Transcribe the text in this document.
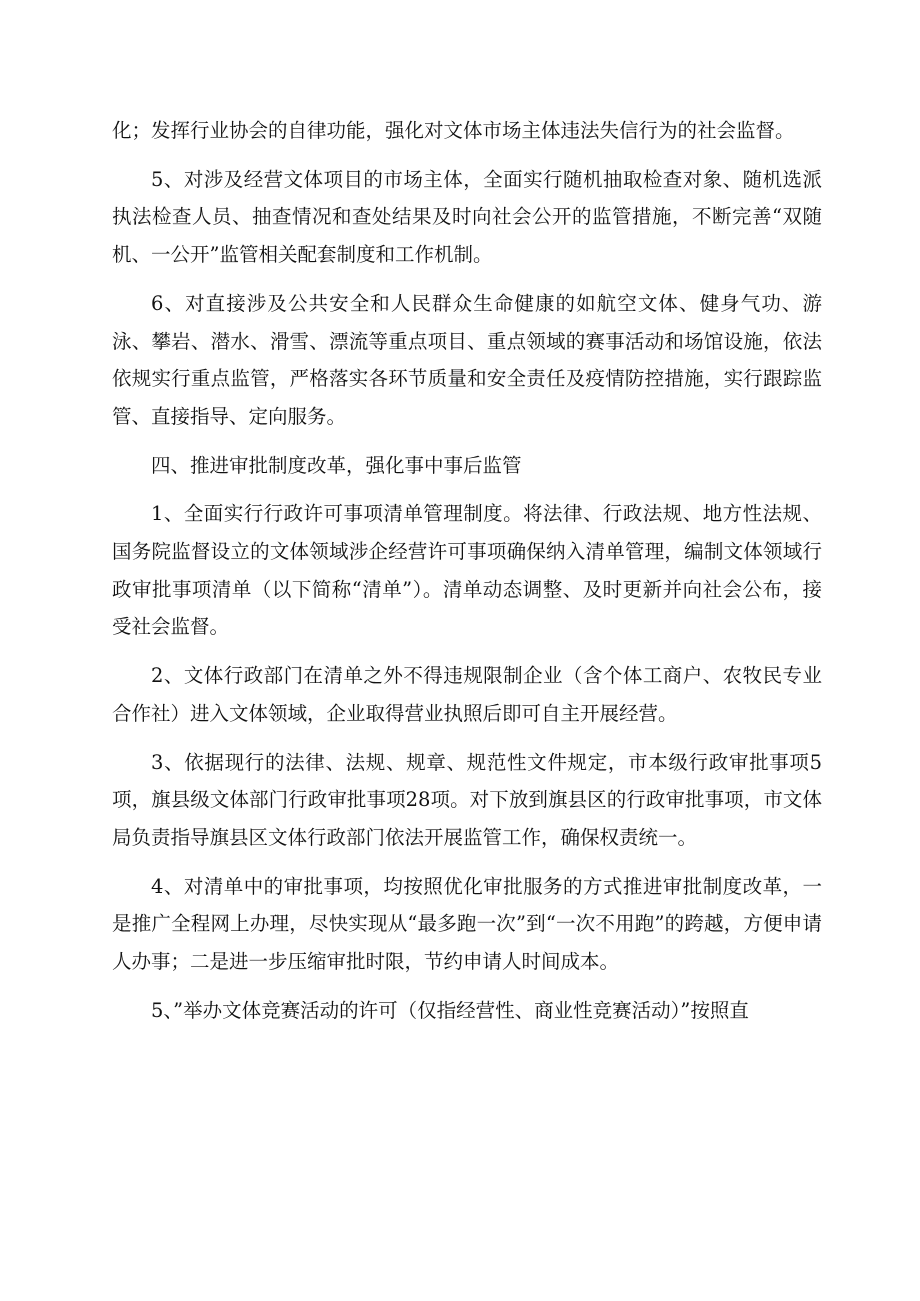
化；发挥行业协会的自律功能，强化对文体市场主体违法失信行为的社会监督。

5、对涉及经营文体项目的市场主体，全面实行随机抽取检查对象、随机选派执法检查人员、抽查情况和查处结果及时向社会公开的监管措施，不断完善“双随机、一公开”监管相关配套制度和工作机制。

6、对直接涉及公共安全和人民群众生命健康的如航空文体、健身气功、游泳、攀岩、潜水、滑雪、漂流等重点项目、重点领域的赛事活动和场馆设施，依法依规实行重点监管，严格落实各环节质量和安全责任及疫情防控措施，实行跟踪监管、直接指导、定向服务。

四、推进审批制度改革，强化事中事后监管

1、全面实行行政许可事项清单管理制度。将法律、行政法规、地方性法规、国务院监督设立的文体领域涉企经营许可事项确保纳入清单管理，编制文体领域行政审批事项清单（以下简称“清单”）。清单动态调整、及时更新并向社会公布，接受社会监督。

2、文体行政部门在清单之外不得违规限制企业（含个体工商户、农牧民专业合作社）进入文体领域，企业取得营业执照后即可自主开展经营。

3、依据现行的法律、法规、规章、规范性文件规定，市本级行政审批事项5项，旗县级文体部门行政审批事项28项。对下放到旗县区的行政审批事项，市文体局负责指导旗县区文体行政部门依法开展监管工作，确保权责统一。

4、对清单中的审批事项，均按照优化审批服务的方式推进审批制度改革，一是推广全程网上办理，尽快实现从“最多跑一次”到“一次不用跑”的跨越，方便申请人办事；二是进一步压缩审批时限，节约申请人时间成本。

5、”举办文体竞赛活动的许可（仅指经营性、商业性竞赛活动）”按照直
